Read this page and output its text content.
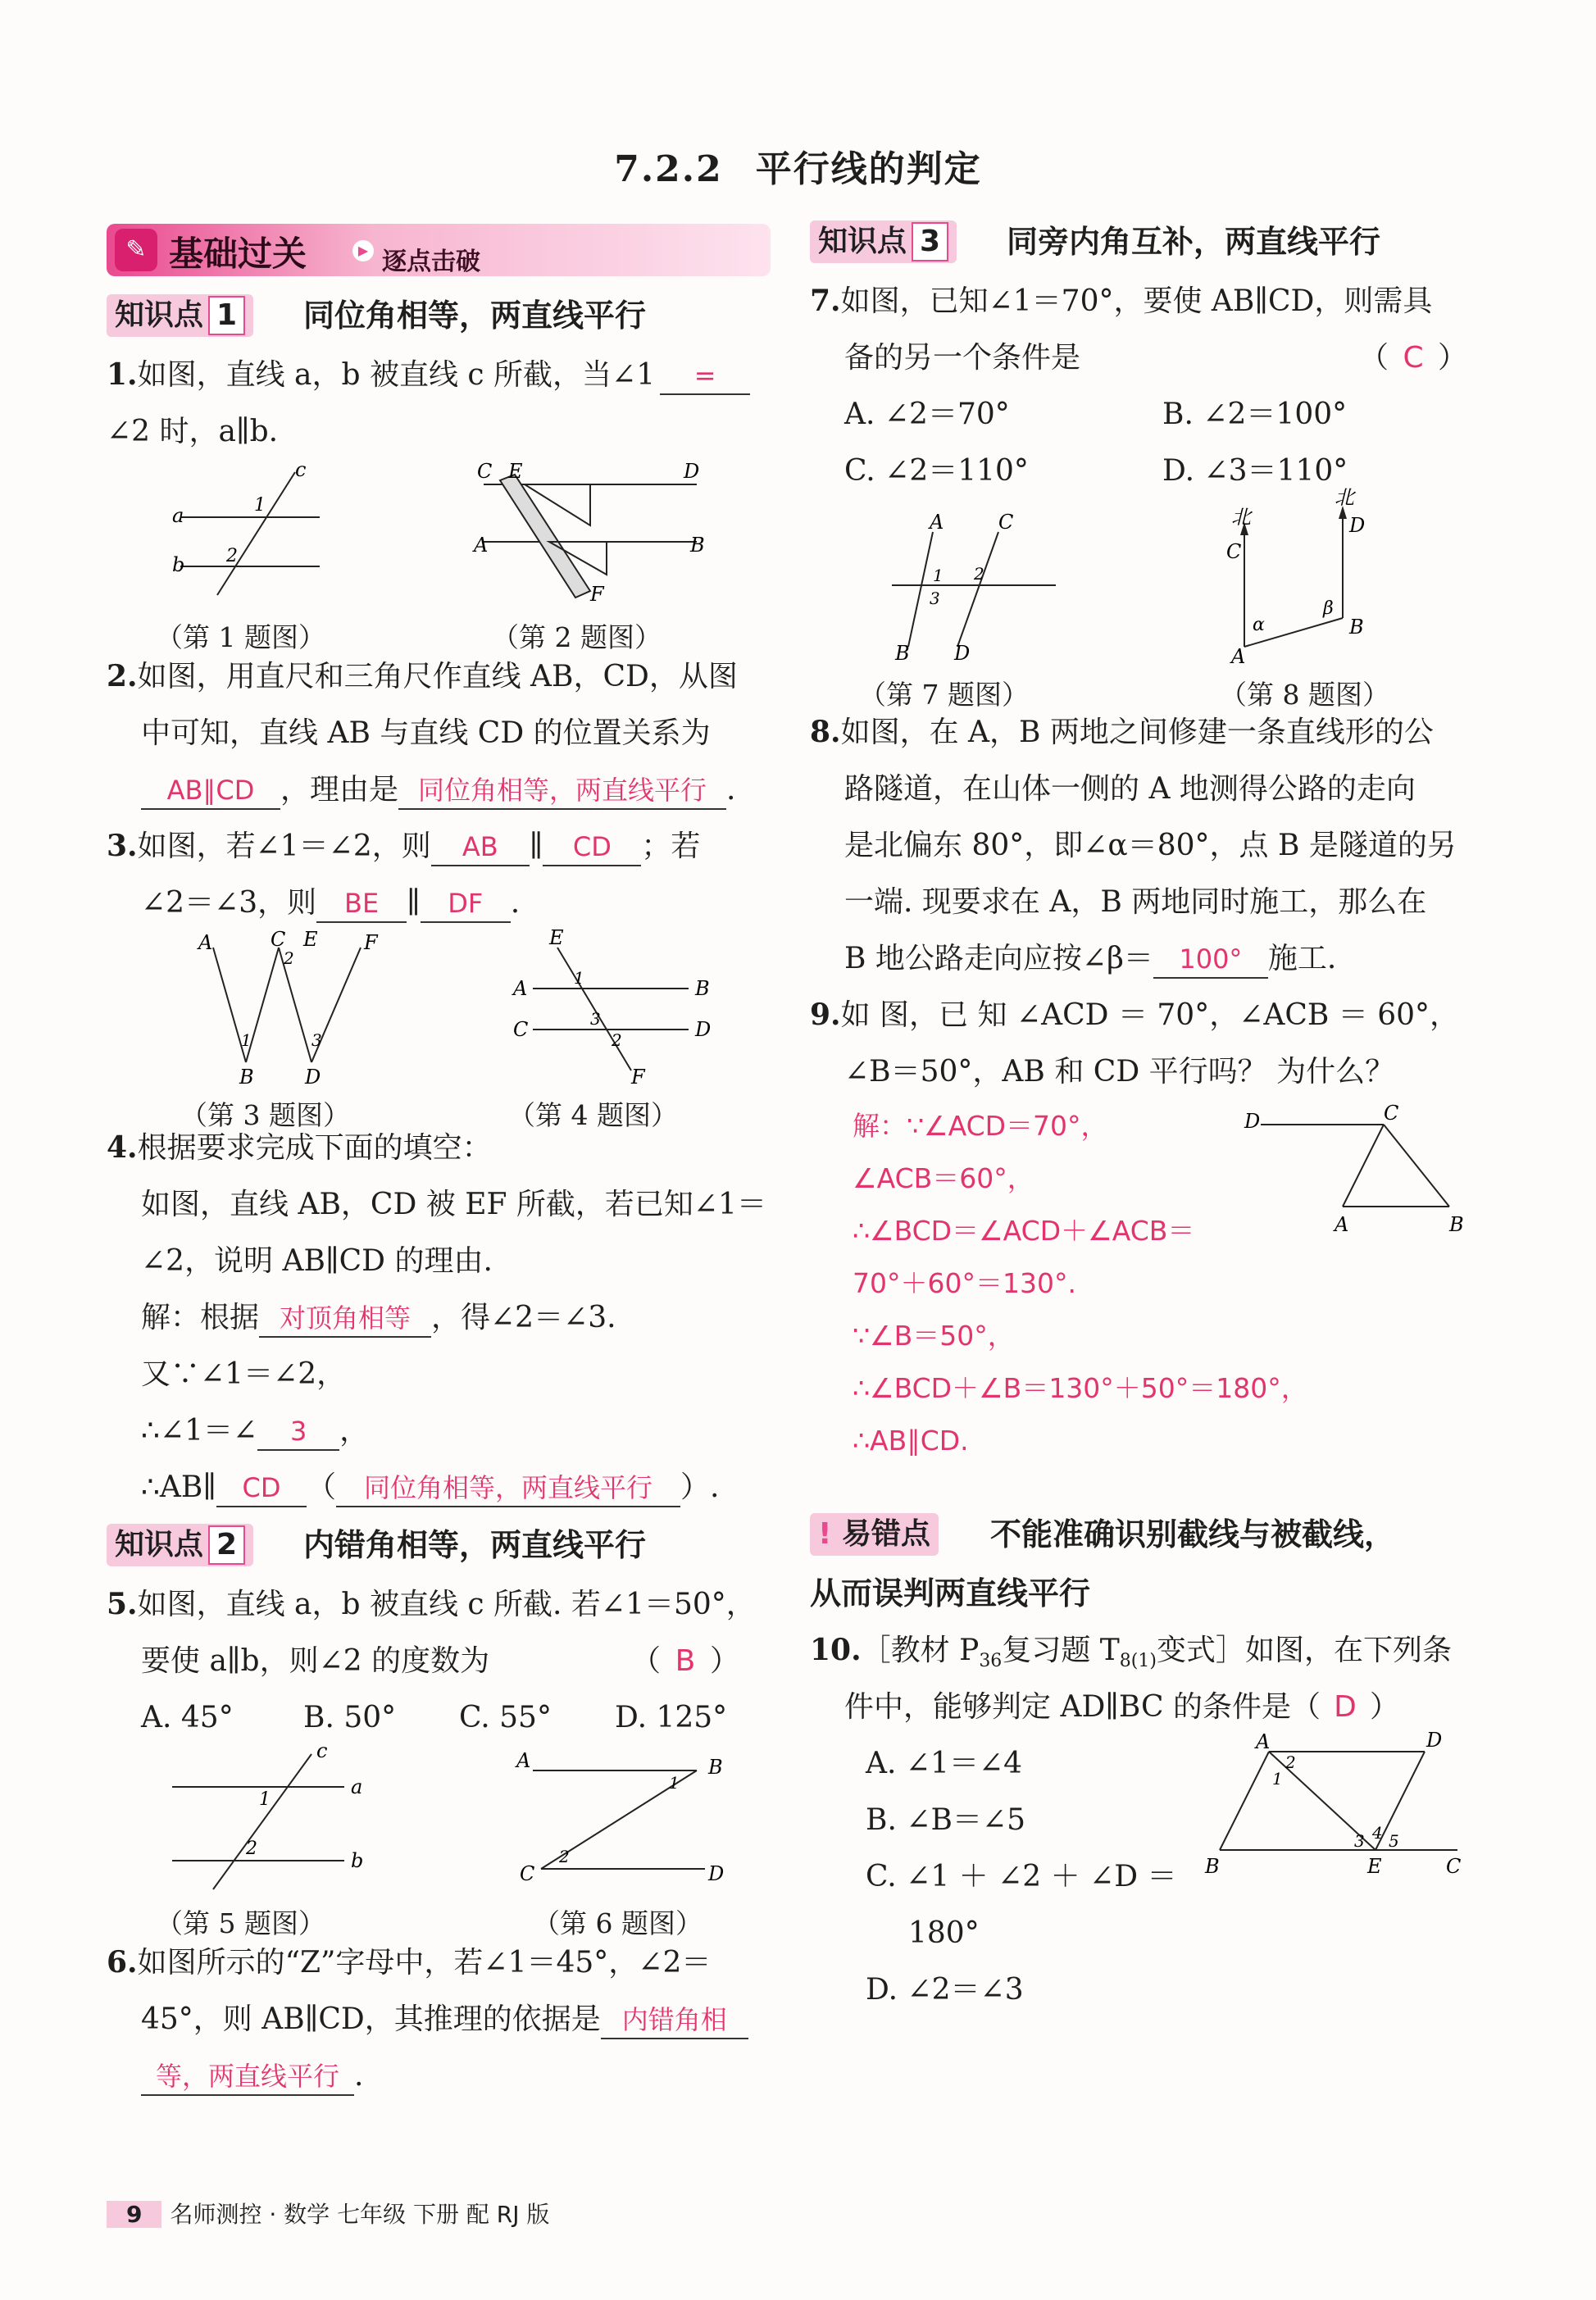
7.2.2 平行线的判定
✎ 基础过关	▶ 逐点击破
知识点 1	同位角相等，两直线平行
1.如图，直线 a，b 被直线 c 所截，当∠1 =
∠2 时，a∥b.
a
b
c
1
2
（第 1 题图）
C E	D
A	B
F
（第 2 题图）
2.如图，用直尺和三角尺作直线 AB，CD，从图
中可知，直线 AB 与直线 CD 的位置关系为
AB∥CD ，理由是 同位角相等，两直线平行 .
3.如图，若∠1＝∠2，则 AB ∥ CD ；若
∠2＝∠3，则 BE ∥ DF .
A	C E F
B	D
1
2
3
（第 3 题图）
E
A	B
C	D
F
1
3
2
（第 4 题图）
4.根据要求完成下面的填空：
如图，直线 AB，CD 被 EF 所截，若已知∠1＝
∠2，说明 AB∥CD 的理由.
解：根据 对顶角相等 ，得∠2＝∠3.
又∵∠1＝∠2，
∴∠1＝∠ 3 ，
∴AB∥ CD （ 同位角相等，两直线平行 ）.
知识点 2	内错角相等，两直线平行
5.如图，直线 a，b 被直线 c 所截. 若∠1＝50°，
要使 a∥b，则∠2 的度数为	（ B ）
A. 45° B. 50° C. 55° D. 125°
a
b
c
1
2
（第 5 题图）
A	B
C	D
1
2
（第 6 题图）
6.如图所示的“Z”字母中，若∠1＝45°，∠2＝
45°，则 AB∥CD，其推理的依据是 内错角相
等，两直线平行 .
知识点 3	同旁内角互补，两直线平行
7.如图，已知∠1＝70°，要使 AB∥CD，则需具
备的另一个条件是	（ C ）
A. ∠2＝70°	B. ∠2＝100°
C. ∠2＝110°	D. ∠3＝110°
A	C
B D
1 2
3
（第 7 题图）
北
北
C
D
A
B
α
β
（第 8 题图）
8.如图，在 A，B 两地之间修建一条直线形的公
路隧道，在山体一侧的 A 地测得公路的走向
是北偏东 80°，即∠α＝80°，点 B 是隧道的另
一端. 现要求在 A，B 两地同时施工，那么在
B 地公路走向应按∠β＝ 100° 施工.
9.如 图，已 知 ∠ACD ＝ 70°，∠ACB ＝ 60°，
∠B＝50°，AB 和 CD 平行吗？ 为什么？
解：∵∠ACD＝70°，
∠ACB＝60°，
∴∠BCD＝∠ACD＋∠ACB＝
70°＋60°＝130°.
∵∠B＝50°，
∴∠BCD＋∠B＝130°＋50°＝180°，
∴AB∥CD.
D	C
A	B
! 易错点 不能准确识别截线与被截线，
从而误判两直线平行
10.［教材 $P_{36}$复习题 $T_{8(1)}$变式］如图，在下列条
件中，能够判定 AD∥BC 的条件是（ D ）
A. ∠1＝∠4
B. ∠B＝∠5
C. ∠1 ＋ ∠2 ＋ ∠D ＝
180°
D. ∠2＝∠3
A	D
B	E	C
2
1
3 4 5
9 名师测控 · 数学 七年级 下册 配 RJ 版
